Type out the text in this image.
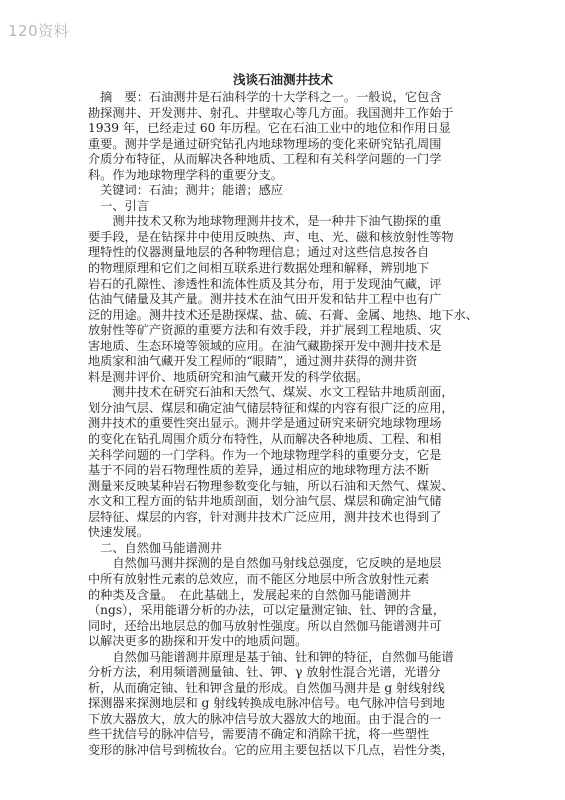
120资料
浅谈石油测井技术
　摘　要：石油测井是石油科学的十大学科之一。一般说，它包含
勘探测井、开发测井、射孔、井壁取心等几方面。我国测井工作始于
1939 年，已经走过 60 年历程。它在石油工业中的地位和作用日显
重要。测井学是通过研究钻孔内地球物理场的变化来研究钻孔周围
介质分布特征，从而解决各种地质、工程和有关科学问题的一门学
科。作为地球物理学科的重要分支。
　关键词：石油；测井；能谱；感应
　一、引言
　　测井技术又称为地球物理测井技术，是一种井下油气勘探的重
要手段，是在钻探井中使用反映热、声、电、光、磁和核放射性等物
理特性的仪器测量地层的各种物理信息；通过对这些信息按各自
的物理原理和它们之间相互联系进行数据处理和解释，辨别地下
岩石的孔隙性、渗透性和流体性质及其分布，用于发现油气藏，评
估油气储量及其产量。测井技术在油气田开发和钻井工程中也有广
泛的用途。测井技术还是勘探煤、盐、硫、石膏、金属、地热、地下水、
放射性等矿产资源的重要方法和有效手段，并扩展到工程地质、灾
害地质、生态环境等领域的应用。在油气藏勘探开发中测井技术是
地质家和油气藏开发工程师的“眼睛”，通过测井获得的测井资
料是测井评价、地质研究和油气藏开发的科学依据。
　　测井技术在研究石油和天然气、煤炭、水文工程钻井地质剖面，
划分油气层、煤层和确定油气储层特征和煤的内容有很广泛的应用，
测井技术的重要性突出显示。测井学是通过研究来研究地球物理场
的变化在钻孔周围介质分布特性，从而解决各种地质、工程、和相
关科学问题的一门学科。作为一个地球物理学科的重要分支，它是
基于不同的岩石物理性质的差异，通过相应的地球物理方法不断
测量来反映某种岩石物理参数变化与轴，所以石油和天然气、煤炭、
水文和工程方面的钻井地质剖面，划分油气层、煤层和确定油气储
层特征、煤层的内容，针对测井技术广泛应用，测井技术也得到了
快速发展。
　二、自然伽马能谱测井
　　自然伽马测井探测的是自然伽马射线总强度，它反映的是地层
中所有放射性元素的总效应，而不能区分地层中所含放射性元素
的种类及含量。　在此基础上，发展起来的自然伽马能谱测井
（ngs），采用能谱分析的办法，可以定量测定铀、钍、钾的含量，
同时，还给出地层总的伽马放射性强度。所以自然伽马能谱测井可
以解决更多的勘探和开发中的地质问题。
　　自然伽马能谱测井原理是基于铀、钍和钾的特征，自然伽马能谱
分析方法，利用频谱测量铀、钍、钾、γ 放射性混合光谱，光谱分
析，从而确定铀、钍和钾含量的形成。自然伽马测井是 g 射线射线
探测器来探测地层和 g 射线转换成电脉冲信号。电气脉冲信号到地
下放大器放大，放大的脉冲信号放大器放大的地面。由于混合的一
些干扰信号的脉冲信号，需要清不确定和消除干扰，将一些塑性
变形的脉冲信号到梳妆台。它的应用主要包括以下几点，岩性分类，
